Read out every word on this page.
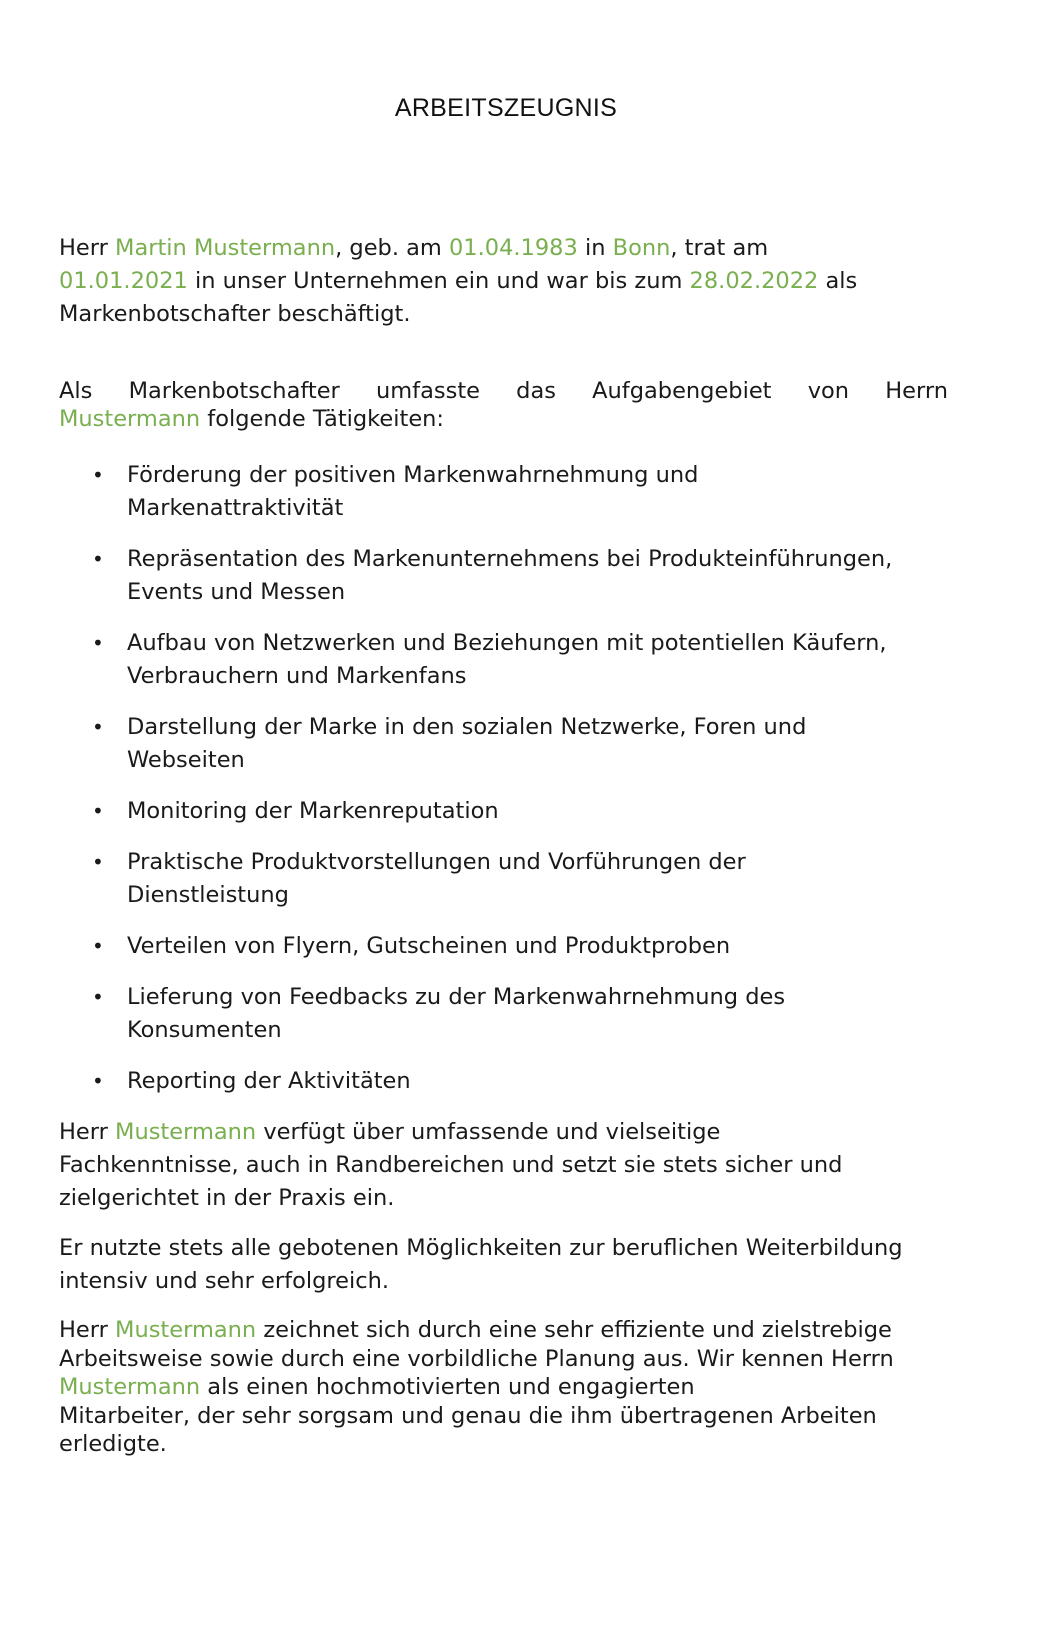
ARBEITSZEUGNIS

Herr Martin Mustermann, geb. am 01.04.1983 in Bonn, trat am
01.01.2021 in unser Unternehmen ein und war bis zum 28.02.2022 als
Markenbotschafter beschäftigt.

Als Markenbotschafter umfasste das Aufgabengebiet von Herrn
Mustermann folgende Tätigkeiten:
• Förderung der positiven Markenwahrnehmung und
Markenattraktivität
• Repräsentation des Markenunternehmens bei Produkteinführungen,
Events und Messen
• Aufbau von Netzwerken und Beziehungen mit potentiellen Käufern,
Verbrauchern und Markenfans
• Darstellung der Marke in den sozialen Netzwerke, Foren und
Webseiten
• Monitoring der Markenreputation
• Praktische Produktvorstellungen und Vorführungen der
Dienstleistung
• Verteilen von Flyern, Gutscheinen und Produktproben
• Lieferung von Feedbacks zu der Markenwahrnehmung des
Konsumenten
• Reporting der Aktivitäten

Herr Mustermann verfügt über umfassende und vielseitige
Fachkenntnisse, auch in Randbereichen und setzt sie stets sicher und
zielgerichtet in der Praxis ein.

Er nutzte stets alle gebotenen Möglichkeiten zur beruflichen Weiterbildung
intensiv und sehr erfolgreich.

Herr Mustermann zeichnet sich durch eine sehr effiziente und zielstrebige
Arbeitsweise sowie durch eine vorbildliche Planung aus. Wir kennen Herrn
Mustermann als einen hochmotivierten und engagierten
Mitarbeiter, der sehr sorgsam und genau die ihm übertragenen Arbeiten
erledigte.
